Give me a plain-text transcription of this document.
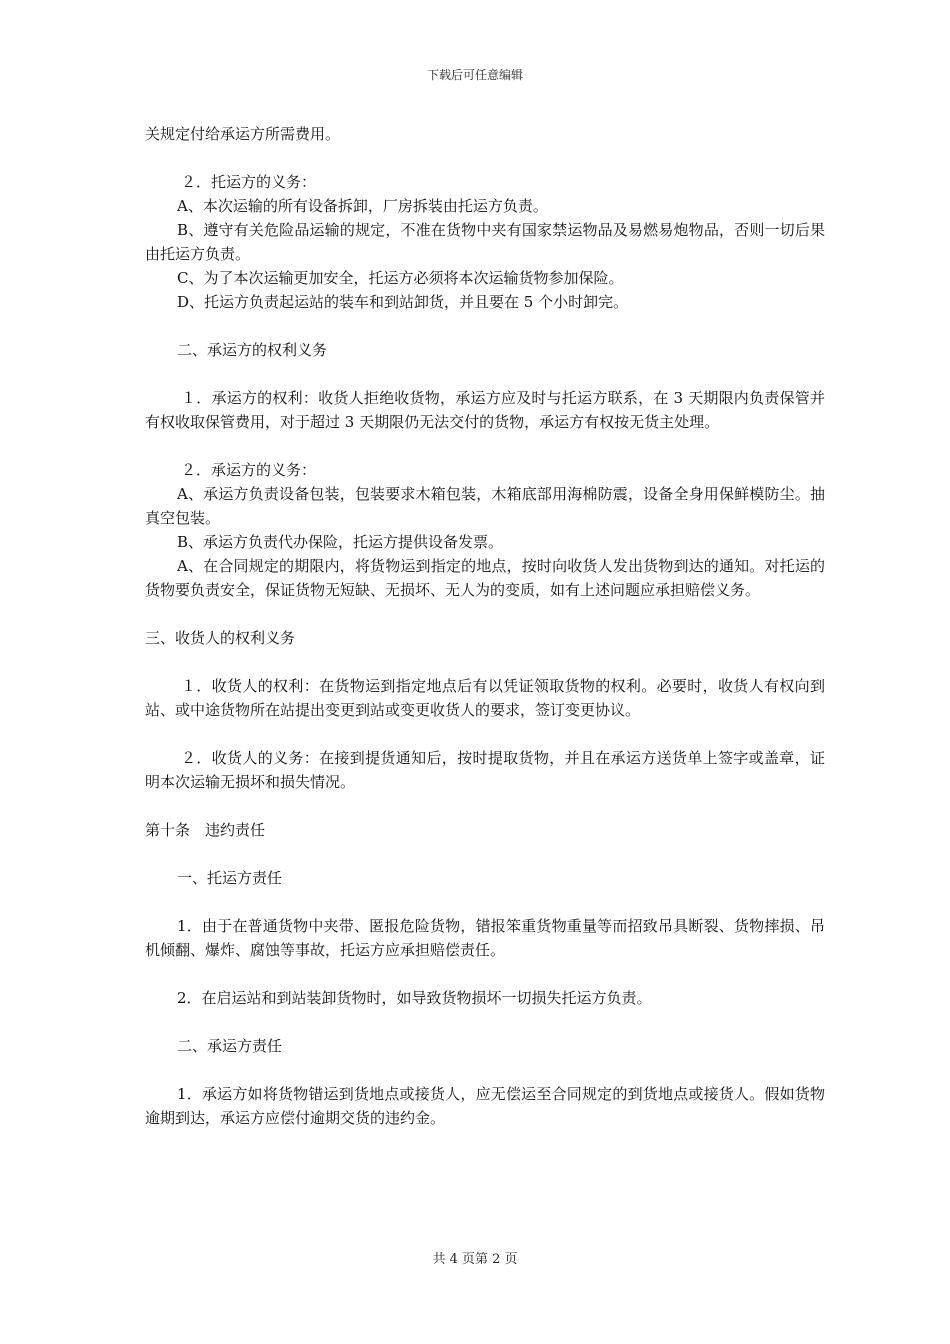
下载后可任意编辑

关规定付给承运方所需费用。

２．托运方的义务：

A、本次运输的所有设备拆卸，厂房拆装由托运方负责。

B、遵守有关危险品运输的规定，不准在货物中夹有国家禁运物品及易燃易炮物品，否则一切后果由托运方负责。

C、为了本次运输更加安全，托运方必须将本次运输货物参加保险。

D、托运方负责起运站的装车和到站卸货，并且要在 5 个小时卸完。

二、承运方的权利义务

１．承运方的权利：收货人拒绝收货物，承运方应及时与托运方联系，在 3 天期限内负责保管并有权收取保管费用，对于超过 3 天期限仍无法交付的货物，承运方有权按无货主处理。

２．承运方的义务：

A、承运方负责设备包装，包装要求木箱包装，木箱底部用海棉防震，设备全身用保鲜模防尘。抽真空包装。

B、承运方负责代办保险，托运方提供设备发票。

A、在合同规定的期限内，将货物运到指定的地点，按时向收货人发出货物到达的通知。对托运的货物要负责安全，保证货物无短缺、无损坏、无人为的变质，如有上述问题应承担赔偿义务。

三、收货人的权利义务

１．收货人的权利：在货物运到指定地点后有以凭证领取货物的权利。必要时，收货人有权向到站、或中途货物所在站提出变更到站或变更收货人的要求，签订变更协议。

２．收货人的义务：在接到提货通知后，按时提取货物，并且在承运方送货单上签字或盖章，证明本次运输无损坏和损失情况。

第十条　违约责任

一、托运方责任

1．由于在普通货物中夹带、匿报危险货物，错报笨重货物重量等而招致吊具断裂、货物摔损、吊机倾翻、爆炸、腐蚀等事故，托运方应承担赔偿责任。

2．在启运站和到站装卸货物时，如导致货物损坏一切损失托运方负责。

二、承运方责任

1．承运方如将货物错运到货地点或接货人，应无偿运至合同规定的到货地点或接货人。假如货物逾期到达，承运方应偿付逾期交货的违约金。

共 4 页第 2 页
